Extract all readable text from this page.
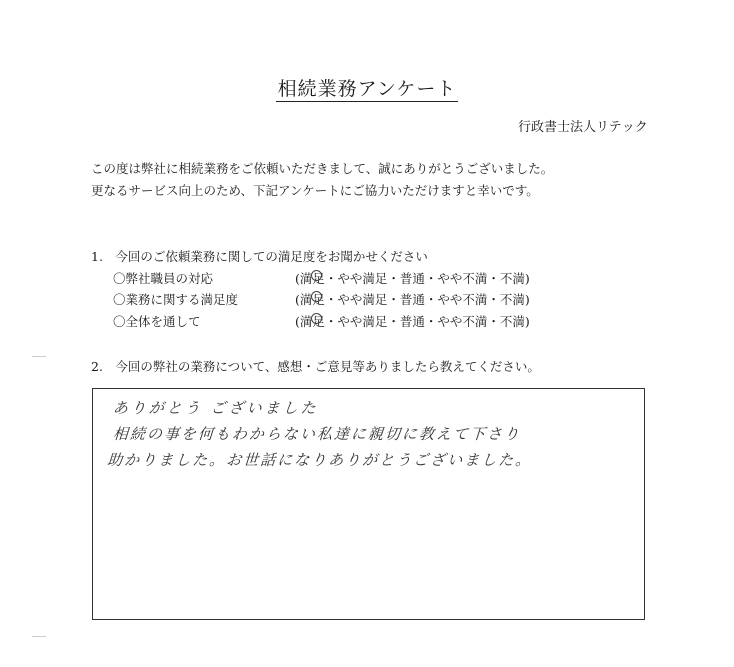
相続業務アンケート
行政書士法人リテック
この度は弊社に相続業務をご依頼いただきまして、誠にありがとうございました。
更なるサービス向上のため、下記アンケートにご協力いただけますと幸いです。
1.　今回のご依頼業務に関しての満足度をお聞かせください
〇弊社職員の対応	(満足・やや満足・普通・やや不満・不満)
〇業務に関する満足度	(満足・やや満足・普通・やや不満・不満)
〇全体を通して	(満足・やや満足・普通・やや不満・不満)
2.　今回の弊社の業務について、感想・ご意見等ありましたら教えてください。
ありがとう ございました
相続の事を何もわからない私達に親切に教えて下さり
助かりました。お世話になりありがとうございました。
